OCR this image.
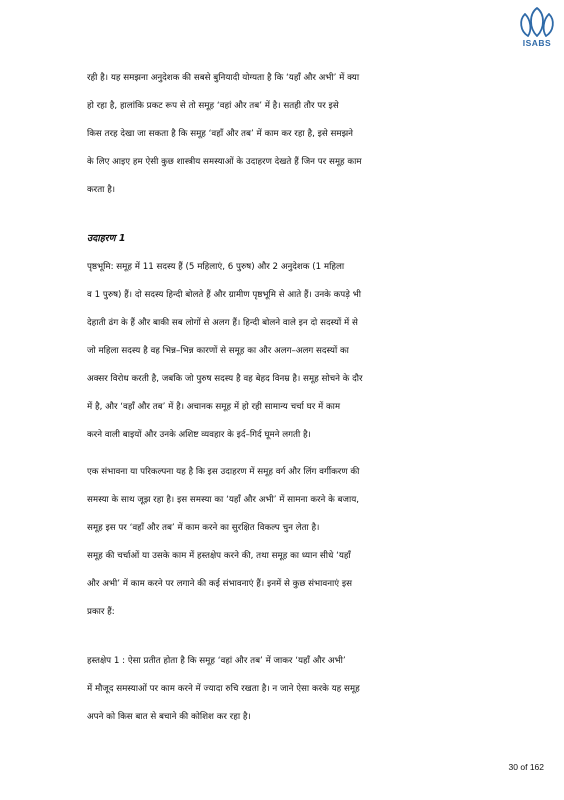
ISABS
रही है। यह समझना अनुदेशक की सबसे बुनियादी योग्यता है कि ‘यहाँ और अभी’ में क्या
हो रहा है, हालांकि प्रकट रूप से तो समूह ‘वहां और तब’ में है। सतही तौर पर इसे
किस तरह देखा जा सकता है कि समूह ‘वहाँ और तब’ में काम कर रहा है, इसे समझने
के लिए आइए हम ऐसी कुछ शास्त्रीय समस्याओं के उदाहरण देखते हैं जिन पर समूह काम
करता है।
उदाहरण 1
पृष्ठभूमि: समूह में 11 सदस्य हैं (5 महिलाएं, 6 पुरुष) और 2 अनुदेशक (1 महिला
व 1 पुरुष) हैं। दो सदस्य हिन्दी बोलते हैं और ग्रामीण पृष्ठभूमि से आते हैं। उनके कपड़े भी
देहाती ढंग के हैं और बाकी सब लोगों से अलग हैं। हिन्दी बोलने वाले इन दो सदस्यों में से
जो महिला सदस्य है वह भिन्न–भिन्न कारणों से समूह का और अलग–अलग सदस्यों का
अक्सर विरोध करती है, जबकि जो पुरुष सदस्य है वह बेहद विनम्र है। समूह सोचने के दौर
में है, और ‘वहाँ और तब’ में है। अचानक समूह में हो रही सामान्य चर्चा घर में काम
करने वाली बाइयों और उनके अशिष्ट व्यवहार के इर्द–गिर्द घूमने लगती है।
एक संभावना या परिकल्पना यह है कि इस उदाहरण में समूह वर्ग और लिंग वर्गीकरण की
समस्या के साथ जूझ रहा है। इस समस्या का ‘यहाँ और अभी’ में सामना करने के बजाय,
समूह इस पर ‘वहाँ और तब’ में काम करने का सुरक्षित विकल्प चुन लेता है।
समूह की चर्चाओं या उसके काम में हस्तक्षेप करने की, तथा समूह का ध्यान सीधे ‘यहाँ
और अभी’ में काम करने पर लगाने की कई संभावनाएं हैं। इनमें से कुछ संभावनाएं इस
प्रकार हैं:
हस्तक्षेप 1 : ऐसा प्रतीत होता है कि समूह ‘वहां और तब’ में जाकर ‘यहाँ और अभी’
में मौजूद समस्याओं पर काम करने में ज्यादा रुचि रखता है। न जाने ऐसा करके यह समूह
अपने को किस बात से बचाने की कोशिश कर रहा है।
30 of 162
